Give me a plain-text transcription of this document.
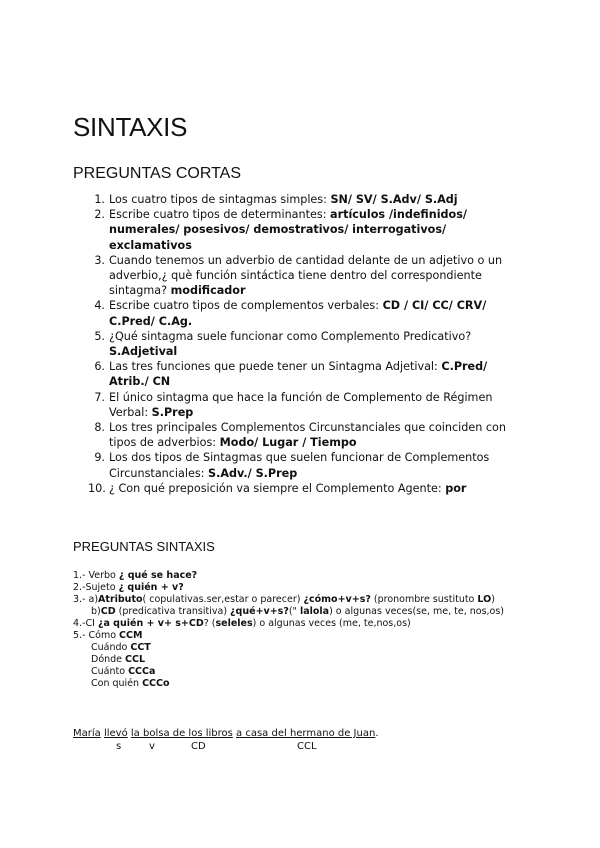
SINTAXIS
PREGUNTAS CORTAS
1. Los cuatro tipos de sintagmas simples: SN/ SV/ S.Adv/ S.Adj
2. Escribe cuatro tipos de determinantes: artículos /indefinidos/ numerales/ posesivos/ demostrativos/ interrogativos/ exclamativos
3. Cuando tenemos un adverbio de cantidad delante de un adjetivo o un adverbio,¿ què función sintáctica tiene dentro del correspondiente sintagma? modificador
4. Escribe cuatro tipos de complementos verbales: CD / CI/ CC/ CRV/ C.Pred/ C.Ag.
5. ¿Qué sintagma suele funcionar como Complemento Predicativo? S.Adjetival
6. Las tres funciones que puede tener un Sintagma Adjetival: C.Pred/ Atrib./ CN
7. El único sintagma que hace la función de Complemento de Régimen Verbal: S.Prep
8. Los tres principales Complementos Circunstanciales que coinciden con tipos de adverbios: Modo/ Lugar / Tiempo
9. Los dos tipos de Sintagmas que suelen funcionar de Complementos Circunstanciales: S.Adv./ S.Prep
10. ¿ Con qué preposición va siempre el Complemento Agente: por
PREGUNTAS SINTAXIS
1.- Verbo ¿ qué se hace?
2.-Sujeto ¿ quién + v?
3.- a)Atributo( copulativas.ser,estar o parecer) ¿cómo+v+s? (pronombre sustituto LO)
b)CD (predicativa transitiva) ¿qué+v+s?(" lalola) o algunas veces(se, me, te, nos,os)
4.-CI ¿a quién + v+ s+CD? (seleles) o algunas veces (me, te,nos,os)
5.- Cómo CCM
Cuándo CCT
Dónde CCL
Cuánto CCCa
Con quién CCCo
María llevó la bolsa de los libros a casa del hermano de Juan.
s	v	CD	CCL
